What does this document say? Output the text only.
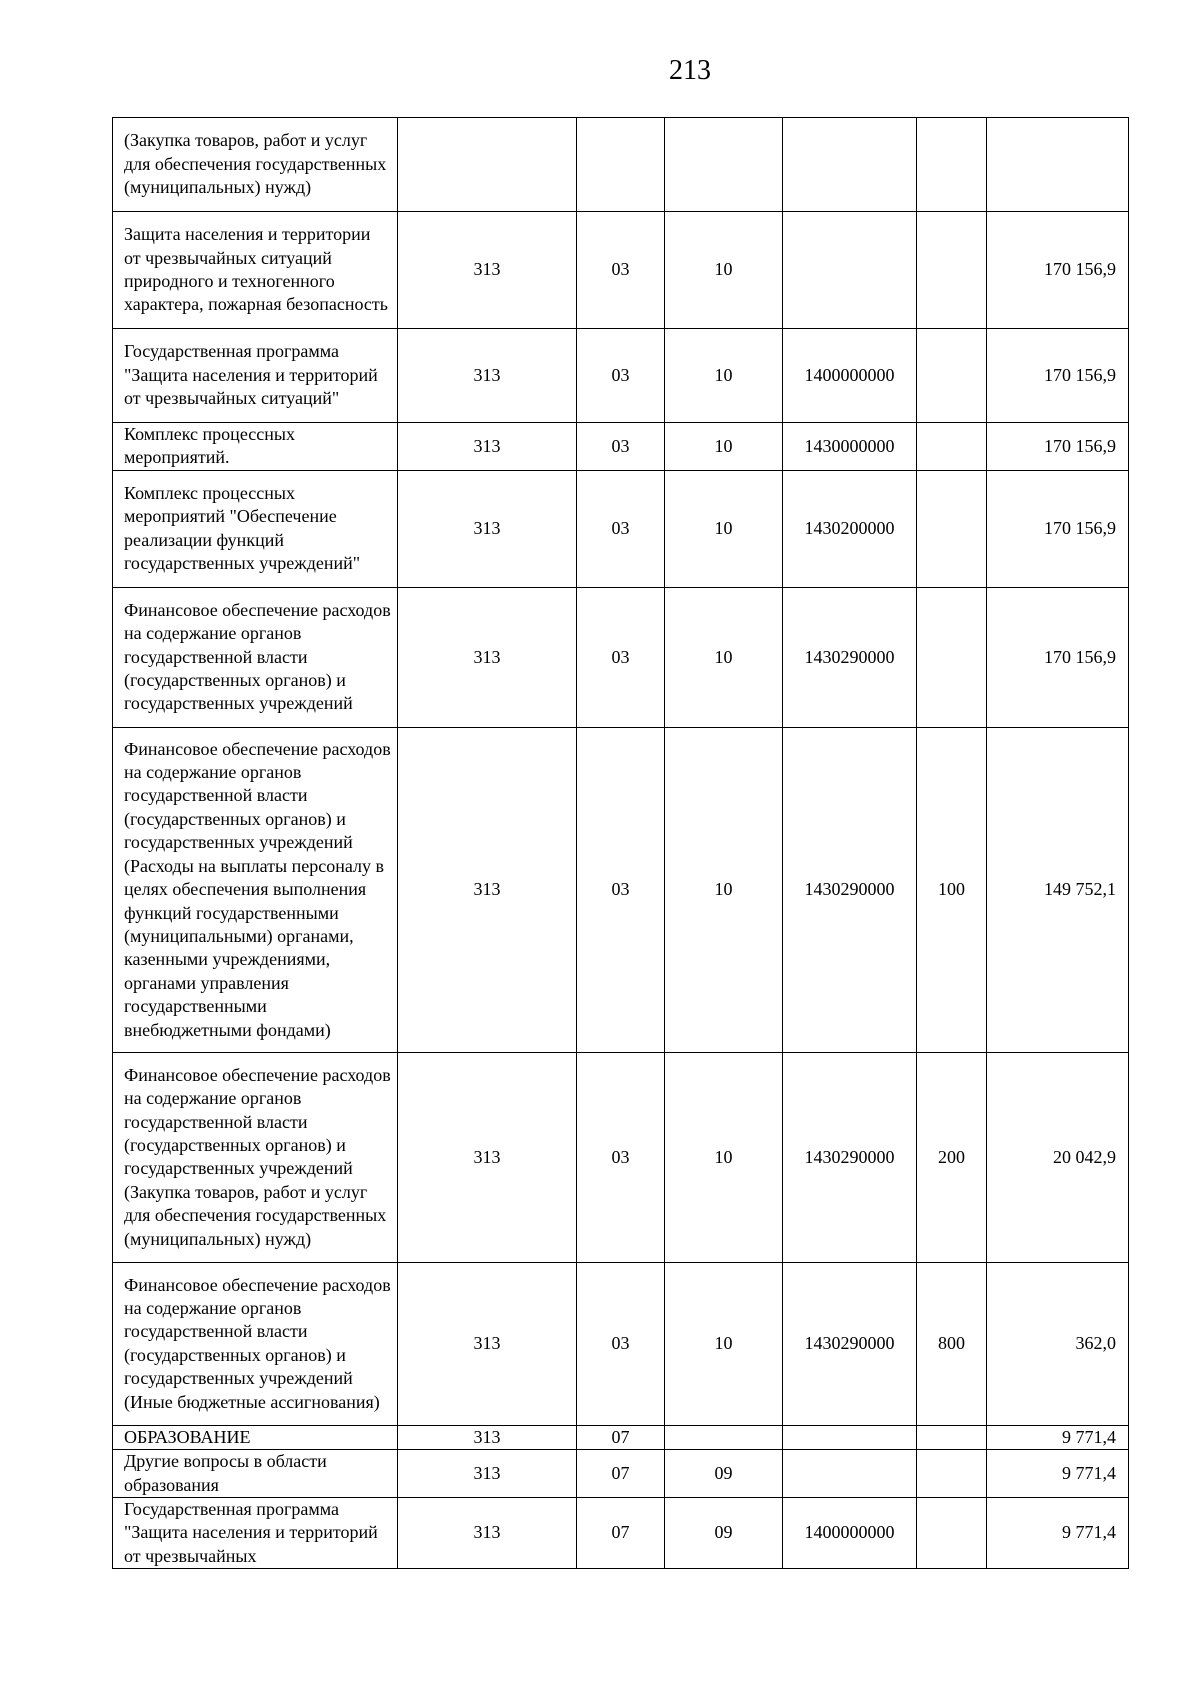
213
(Закупка товаров, работ и услуг для обеспечения государственных (муниципальных) нужд)						
Защита населения и территории от чрезвычайных ситуаций природного и техногенного характера, пожарная безопасность	313	03	10			170 156,9
Государственная программа "Защита населения и территорий от чрезвычайных ситуаций"	313	03	10	1400000000		170 156,9
Комплекс процессных мероприятий.	313	03	10	1430000000		170 156,9
Комплекс процессных мероприятий "Обеспечение реализации функций государственных учреждений"	313	03	10	1430200000		170 156,9
Финансовое обеспечение расходов на содержание органов государственной власти (государственных органов) и государственных учреждений	313	03	10	1430290000		170 156,9
Финансовое обеспечение расходов на содержание органов государственной власти (государственных органов) и государственных учреждений (Расходы на выплаты персоналу в целях обеспечения выполнения функций государственными (муниципальными) органами, казенными учреждениями, органами управления государственными внебюджетными фондами)	313	03	10	1430290000	100	149 752,1
Финансовое обеспечение расходов на содержание органов государственной власти (государственных органов) и государственных учреждений (Закупка товаров, работ и услуг для обеспечения государственных (муниципальных) нужд)	313	03	10	1430290000	200	20 042,9
Финансовое обеспечение расходов на содержание органов государственной власти (государственных органов) и государственных учреждений (Иные бюджетные ассигнования)	313	03	10	1430290000	800	362,0
ОБРАЗОВАНИЕ	313	07				9 771,4
Другие вопросы в области образования	313	07	09			9 771,4
Государственная программа "Защита населения и территорий от чрезвычайных	313	07	09	1400000000		9 771,4
